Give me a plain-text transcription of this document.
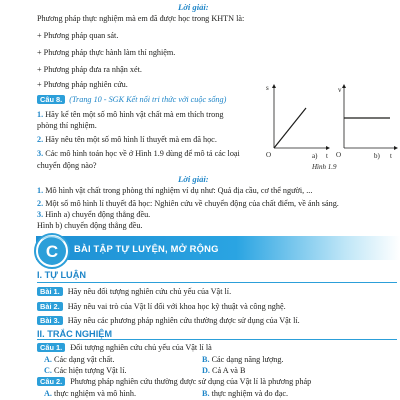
Lời giải:
Phương pháp thực nghiệm mà em đã được học trong KHTN là:
+ Phương pháp quan sát.
+ Phương pháp thực hành làm thí nghiệm.
+ Phương pháp đưa ra nhận xét.
+ Phương pháp nghiên cứu.
Câu 8. (Trang 10 - SGK Kết nối tri thức với cuộc sống)
1. Hãy kể tên một số mô hình vật chất mà em thích trong
phòng thí nghiệm.
2. Hãy nêu tên một số mô hình lí thuyết mà em đã học.
3. Các mô hình toán học về ở Hình 1.9 dùng để mô tả các loại
chuyển động nào?
s
t
O	a)
v
t
O	b)
Hình 1.9
Lời giải:
1. Mô hình vật chất trong phòng thí nghiệm ví dụ như: Quả địa cầu, cơ thể người, ...
2. Một số mô hình lí thuyết đã học: Nghiên cứu về chuyển động của chất điểm, về ánh sáng.
3. Hình a) chuyển động thẳng đều.
Hình b) chuyển động thẳng đều.
C BÀI TẬP TỰ LUYỆN, MỞ RỘNG
I. TỰ LUẬN
Bài 1. Hãy nêu đối tượng nghiên cứu chủ yếu của Vật lí.
Bài 2. Hãy nêu vai trò của Vật lí đối với khoa học kỹ thuật và công nghệ.
Bài 3. Hãy nêu các phương pháp nghiên cứu thường được sử dụng của Vật lí.
II. TRẮC NGHIỆM
Câu 1. Đối tượng nghiên cứu chủ yếu của Vật lí là
A. Các dạng vật chất.	B. Các dạng năng lượng.
C. Các hiện tượng Vật lí.	D. Cả A và B
Câu 2. Phương pháp nghiên cứu thường được sử dụng của Vật lí là phương pháp
A. thực nghiệm và mô hình.	B. thực nghiệm và đo đạc.
